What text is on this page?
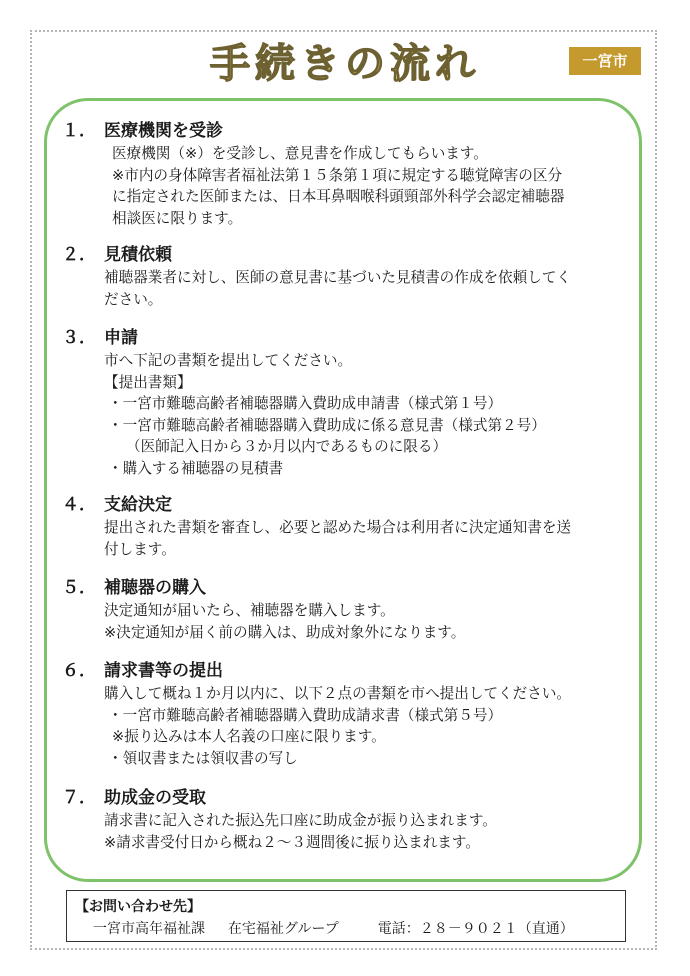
手続きの流れ	一宮市
１． 医療機関を受診
医療機関（※）を受診し、意見書を作成してもらいます。
※市内の身体障害者福祉法第１５条第１項に規定する聴覚障害の区分
に指定された医師または、日本耳鼻咽喉科頭頸部外科学会認定補聴器
相談医に限ります。
２． 見積依頼
補聴器業者に対し、医師の意見書に基づいた見積書の作成を依頼してく
ださい。
３． 申請
市へ下記の書類を提出してください。
【提出書類】
・一宮市難聴高齢者補聴器購入費助成申請書（様式第１号）
・一宮市難聴高齢者補聴器購入費助成に係る意見書（様式第２号）
（医師記入日から３か月以内であるものに限る）
・購入する補聴器の見積書
４． 支給決定
提出された書類を審査し、必要と認めた場合は利用者に決定通知書を送
付します。
５． 補聴器の購入
決定通知が届いたら、補聴器を購入します。
※決定通知が届く前の購入は、助成対象外になります。
６． 請求書等の提出
購入して概ね１か月以内に、以下２点の書類を市へ提出してください。
・一宮市難聴高齢者補聴器購入費助成請求書（様式第５号）
※振り込みは本人名義の口座に限ります。
・領収書または領収書の写し
７． 助成金の受取
請求書に記入された振込先口座に助成金が振り込まれます。
※請求書受付日から概ね２～３週間後に振り込まれます。
【お問い合わせ先】
一宮市高年福祉課 在宅福祉グループ	電話：２８－９０２１（直通）
